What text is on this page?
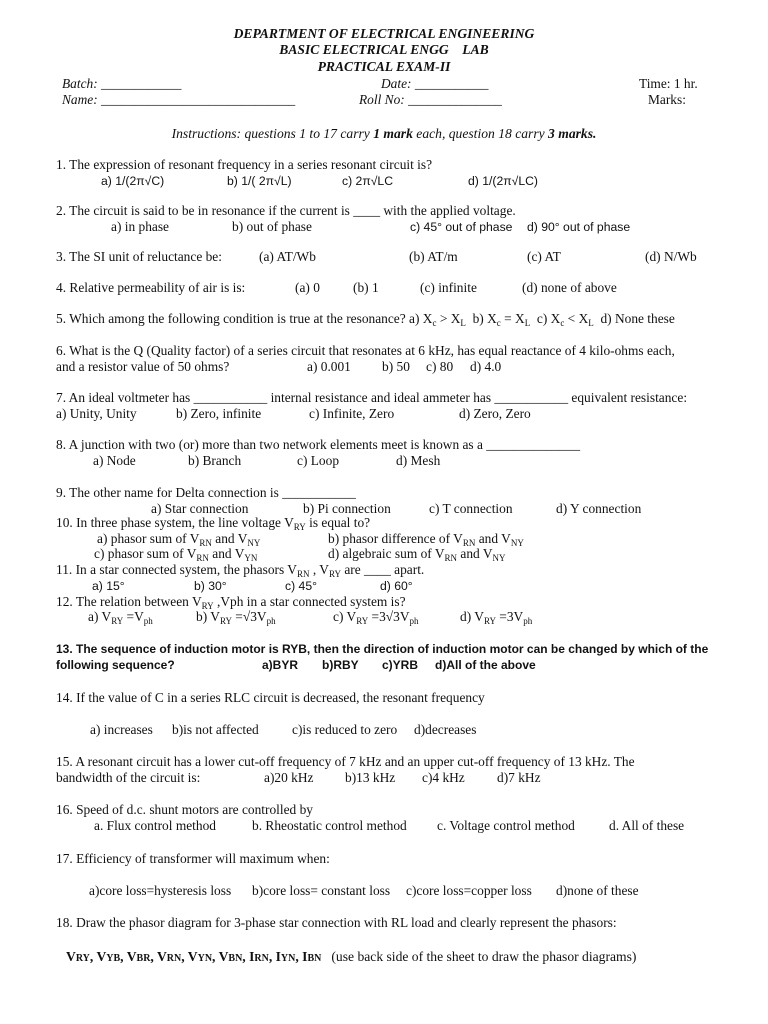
DEPARTMENT OF ELECTRICAL ENGINEERING
BASIC ELECTRICAL ENGG    LAB
PRACTICAL EXAM-II
Batch: ____________	Date: ___________	Time: 1 hr.
Name: _____________________________	Roll No: ______________	Marks:
Instructions: questions 1 to 17 carry 1 mark each, question 18 carry 3 marks.
1. The expression of resonant frequency in a series resonant circuit is?
a) 1/(2π√C)	b) 1/( 2π√L)	c) 2π√LC	d) 1/(2π√LC)
2. The circuit is said to be in resonance if the current is ____ with the applied voltage.
a) in phase	b) out of phase	c) 45° out of phase d) 90° out of phase
3. The SI unit of reluctance be:	(a) AT/Wb	(b) AT/m	(c) AT	(d) N/Wb
4. Relative permeability of air is is:	(a) 0 (b) 1	(c) infinite	(d) none of above
5. Which among the following condition is true at the resonance? a) $X_c > X_L$ b) $X_c = X_L$ c) $X_c < X_L$ d) None these
6. What is the Q (Quality factor) of a series circuit that resonates at 6 kHz, has equal reactance of 4 kilo-ohms each,
and a resistor value of 50 ohms?	a) 0.001 b) 50 c) 80 d) 4.0
7. An ideal voltmeter has ___________ internal resistance and ideal ammeter has ___________ equivalent resistance:
a) Unity, Unity	b) Zero, infinite	c) Infinite, Zero	d) Zero, Zero
8. A junction with two (or) more than two network elements meet is known as a ______________
a) Node	b) Branch	c) Loop	d) Mesh
9. The other name for Delta connection is ___________
a) Star connection	b) Pi connection	c) T connection	d) Y connection
10. In three phase system, the line voltage $V_{RY}$ is equal to?
a) phasor sum of $V_{RN}$ and $V_{NY}$	b) phasor difference of $V_{RN}$ and $V_{NY}$
c) phasor sum of $V_{RN}$ and $V_{YN}$	d) algebraic sum of $V_{RN}$ and $V_{NY}$
11. In a star connected system, the phasors $V_{RN}$ , $V_{RY}$ are ____ apart.
a) 15°	b) 30°	c) 45°	d) 60°
12. The relation between $V_{RY}$ ,Vph in a star connected system is?
a) $V_{RY} =V_{ph}$	b) $V_{RY} =√3V_{ph}$	c) $V_{RY} =3√3V_{ph}$	d) $V_{RY} =3V_{ph}$
13. The sequence of induction motor is RYB, then the direction of induction motor can be changed by which of the
following sequence?	a)BYR b)RBY c)YRB d)All of the above
14. If the value of C in a series RLC circuit is decreased, the resonant frequency
a) increases b)is not affected c)is reduced to zero d)decreases
15. A resonant circuit has a lower cut-off frequency of 7 kHz and an upper cut-off frequency of 13 kHz. The
bandwidth of the circuit is:	a)20 kHz b)13 kHz c)4 kHz d)7 kHz
16. Speed of d.c. shunt motors are controlled by
a. Flux control method	b. Rheostatic control method c. Voltage control method	d. All of these
17. Efficiency of transformer will maximum when:
a)core loss=hysteresis loss b)core loss= constant loss c)core loss=copper loss d)none of these
18. Draw the phasor diagram for 3-phase star connection with RL load and clearly represent the phasors:
Vry, Vyb, Vbr, Vrn, Vyn, Vbn, Irn, Iyn, Ibn (use back side of the sheet to draw the phasor diagrams)
